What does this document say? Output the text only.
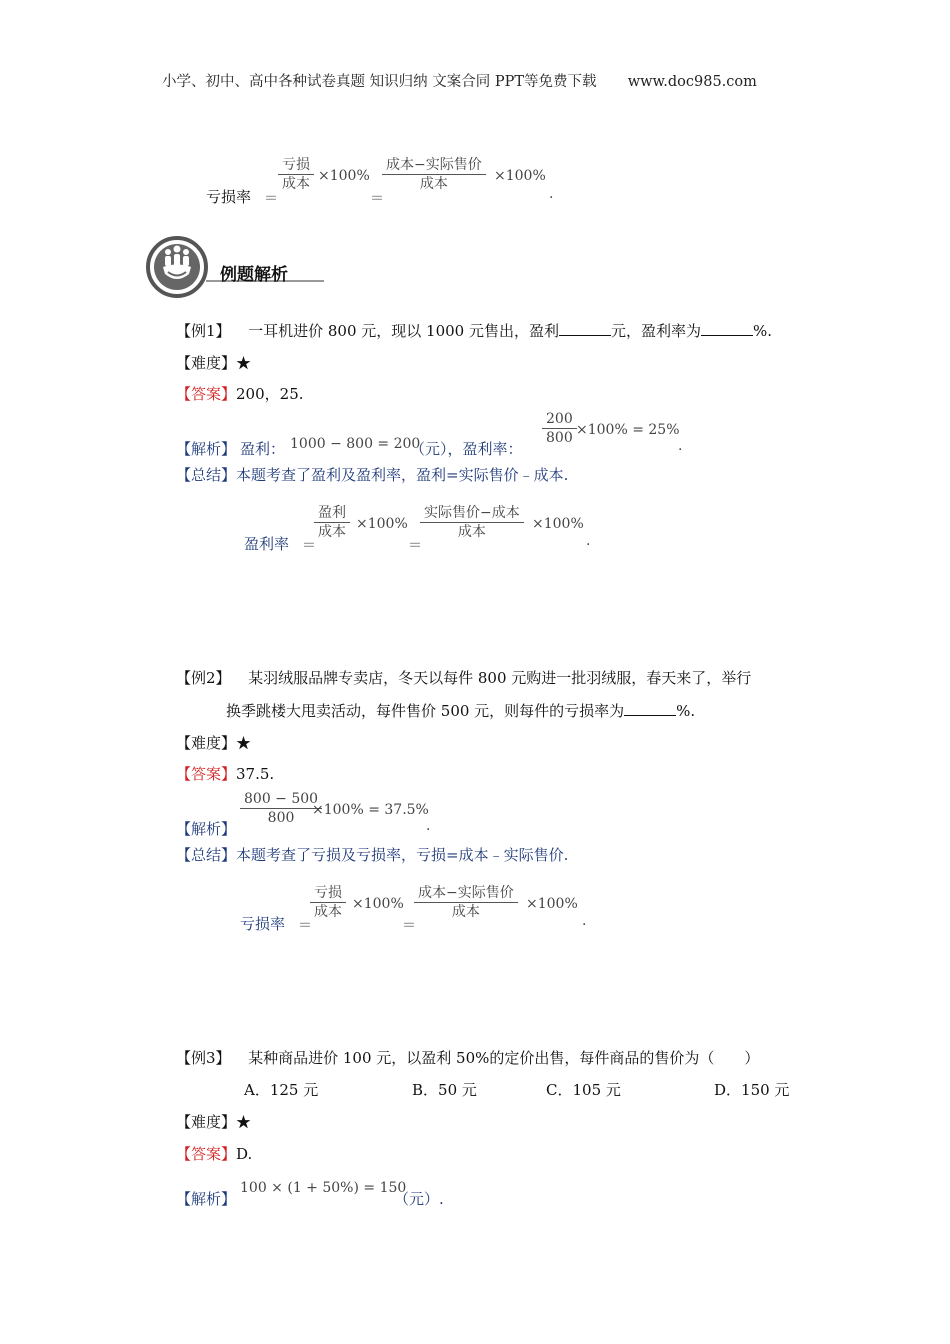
小学、初中、高中各种试卷真题 知识归纳 文案合同 PPT等免费下载 www.doc985.com
亏损率 ＝
亏损
成本 ×100%
＝
成本−实际售价
成本	×100%
.
例题解析
【例1】 一耳机进价 800 元，现以 1000 元售出，盈利	元，盈利率为	%.
【难度】★
【答案】200，25.
【解析】 盈利： 1000 − 800 = 200
（元），盈利率：
200
800 ×100% = 25%
.
【总结】本题考查了盈利及盈利率，盈利=实际售价﹣成本.
盈利率 ＝
盈利
成本 ×100%
＝
实际售价−成本
成本	×100%
.
【例2】 某羽绒服品牌专卖店，冬天以每件 800 元购进一批羽绒服，春天来了，举行
换季跳楼大甩卖活动，每件售价 500 元，则每件的亏损率为	%.
【难度】★
【答案】37.5.
【解析】
800 − 500
800 ×100% = 37.5%
.
【总结】本题考查了亏损及亏损率，亏损=成本﹣实际售价.
亏损率 ＝
亏损
成本 ×100%
＝
成本−实际售价
成本	×100%
.
【例3】 某种商品进价 100 元，以盈利 50%的定价出售，每件商品的售价为（　　）
A．125 元	B．50 元	C．105 元	D．150 元
【难度】★
【答案】D.
【解析】
100 × (1 + 50%) = 150
（元）.
